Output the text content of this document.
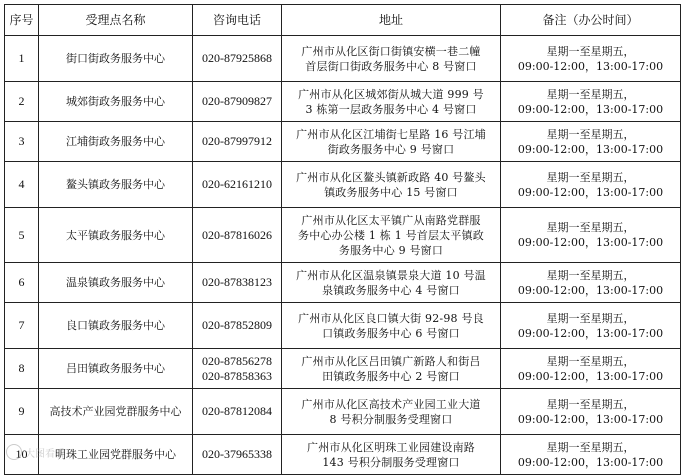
序号	受理点名称	咨询电话	地址	备注（办公时间）
1	街口街政务服务中心	020-87925868	广州市从化区街口街镇安横一巷二幢
首层街口街政务服务中心 8 号窗口	星期一至星期五，
09:00-12:00，13:00-17:00

2	城郊街政务服务中心	020-87909827	广州市从化区城郊街从城大道 999 号
3 栋第一层政务服务中心 4 号窗口	星期一至星期五，
09:00-12:00，13:00-17:00

3	江埔街政务服务中心	020-87997912	广州市从化区江埔街七星路 16 号江埔
街政务服务中心 9 号窗口	星期一至星期五，
09:00-12:00，13:00-17:00

4	鳌头镇政务服务中心	020-62161210	广州市从化区鳌头镇新政路 40 号鳌头
镇政务服务中心 15 号窗口	星期一至星期五，
09:00-12:00，13:00-17:00

5	太平镇政务服务中心	020-87816026	广州市从化区太平镇广从南路党群服
务中心办公楼 1 栋 1 号首层太平镇政
务服务中心 9 号窗口	星期一至星期五，
09:00-12:00，13:00-17:00

6	温泉镇政务服务中心	020-87838123	广州市从化区温泉镇景泉大道 10 号温
泉镇政务服务中心 4 号窗口	星期一至星期五，
09:00-12:00，13:00-17:00

7	良口镇政务服务中心	020-87852809	广州市从化区良口镇大街 92-98 号良
口镇政务服务中心 6 号窗口	星期一至星期五，
09:00-12:00，13:00-17:00

8	吕田镇政务服务中心	020-87856278
020-87858363	广州市从化区吕田镇广新路人和街吕
田镇政务服务中心 2 号窗口	星期一至星期五，
09:00-12:00，13:00-17:00

9	高技术产业园党群服务中心	020-87812084	广州市从化区高技术产业园工业大道
8 号积分制服务受理窗口	星期一至星期五，
09:00-12:00，13:00-17:00

10	明珠工业园党群服务中心	020-37965338	广州市从化区明珠工业园建设南路
143 号积分制服务受理窗口	星期一至星期五，
09:00-12:00，13:00-17:00
大图看看
